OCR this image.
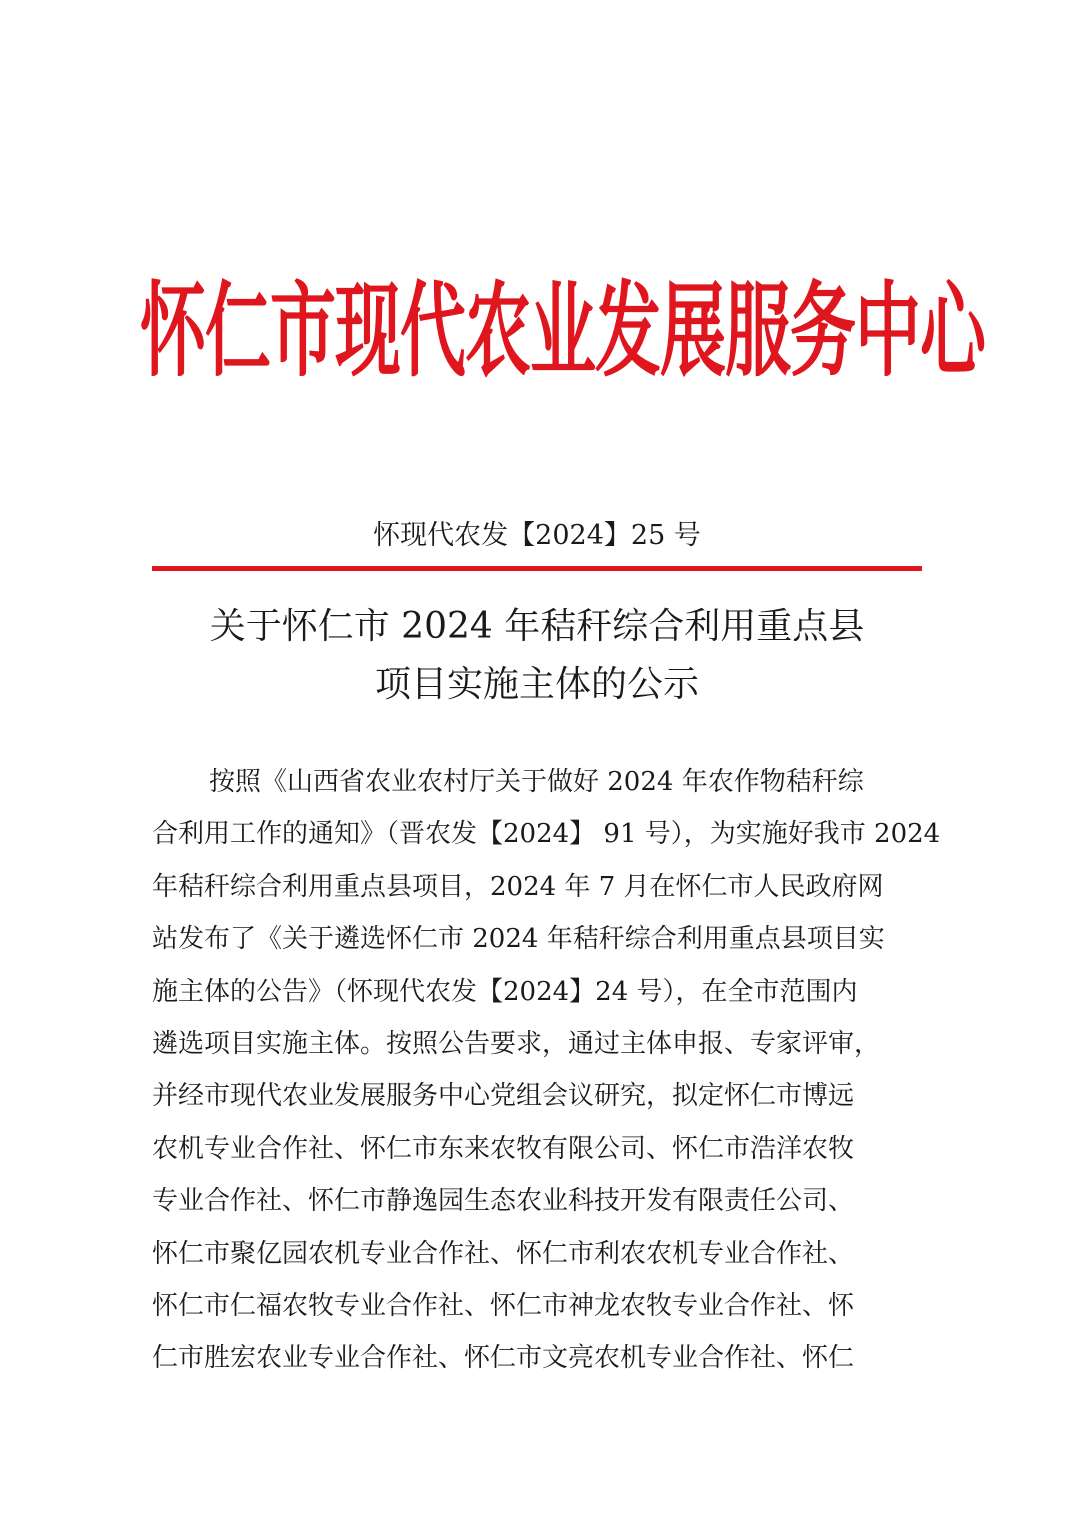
怀仁市现代农业发展服务中心
怀现代农发【2024】25 号
关于怀仁市 2024 年秸秆综合利用重点县
项目实施主体的公示
按照《山西省农业农村厅关于做好 2024 年农作物秸秆综
合利用工作的通知》（晋农发【2024】 91 号），为实施好我市 2024
年秸秆综合利用重点县项目，2024 年 7 月在怀仁市人民政府网
站发布了《关于遴选怀仁市 2024 年秸秆综合利用重点县项目实
施主体的公告》（怀现代农发【2024】24 号），在全市范围内
遴选项目实施主体。按照公告要求，通过主体申报、专家评审，
并经市现代农业发展服务中心党组会议研究，拟定怀仁市博远
农机专业合作社、怀仁市东来农牧有限公司、怀仁市浩洋农牧
专业合作社、怀仁市静逸园生态农业科技开发有限责任公司、
怀仁市聚亿园农机专业合作社、怀仁市利农农机专业合作社、
怀仁市仁福农牧专业合作社、怀仁市神龙农牧专业合作社、怀
仁市胜宏农业专业合作社、怀仁市文亮农机专业合作社、怀仁
